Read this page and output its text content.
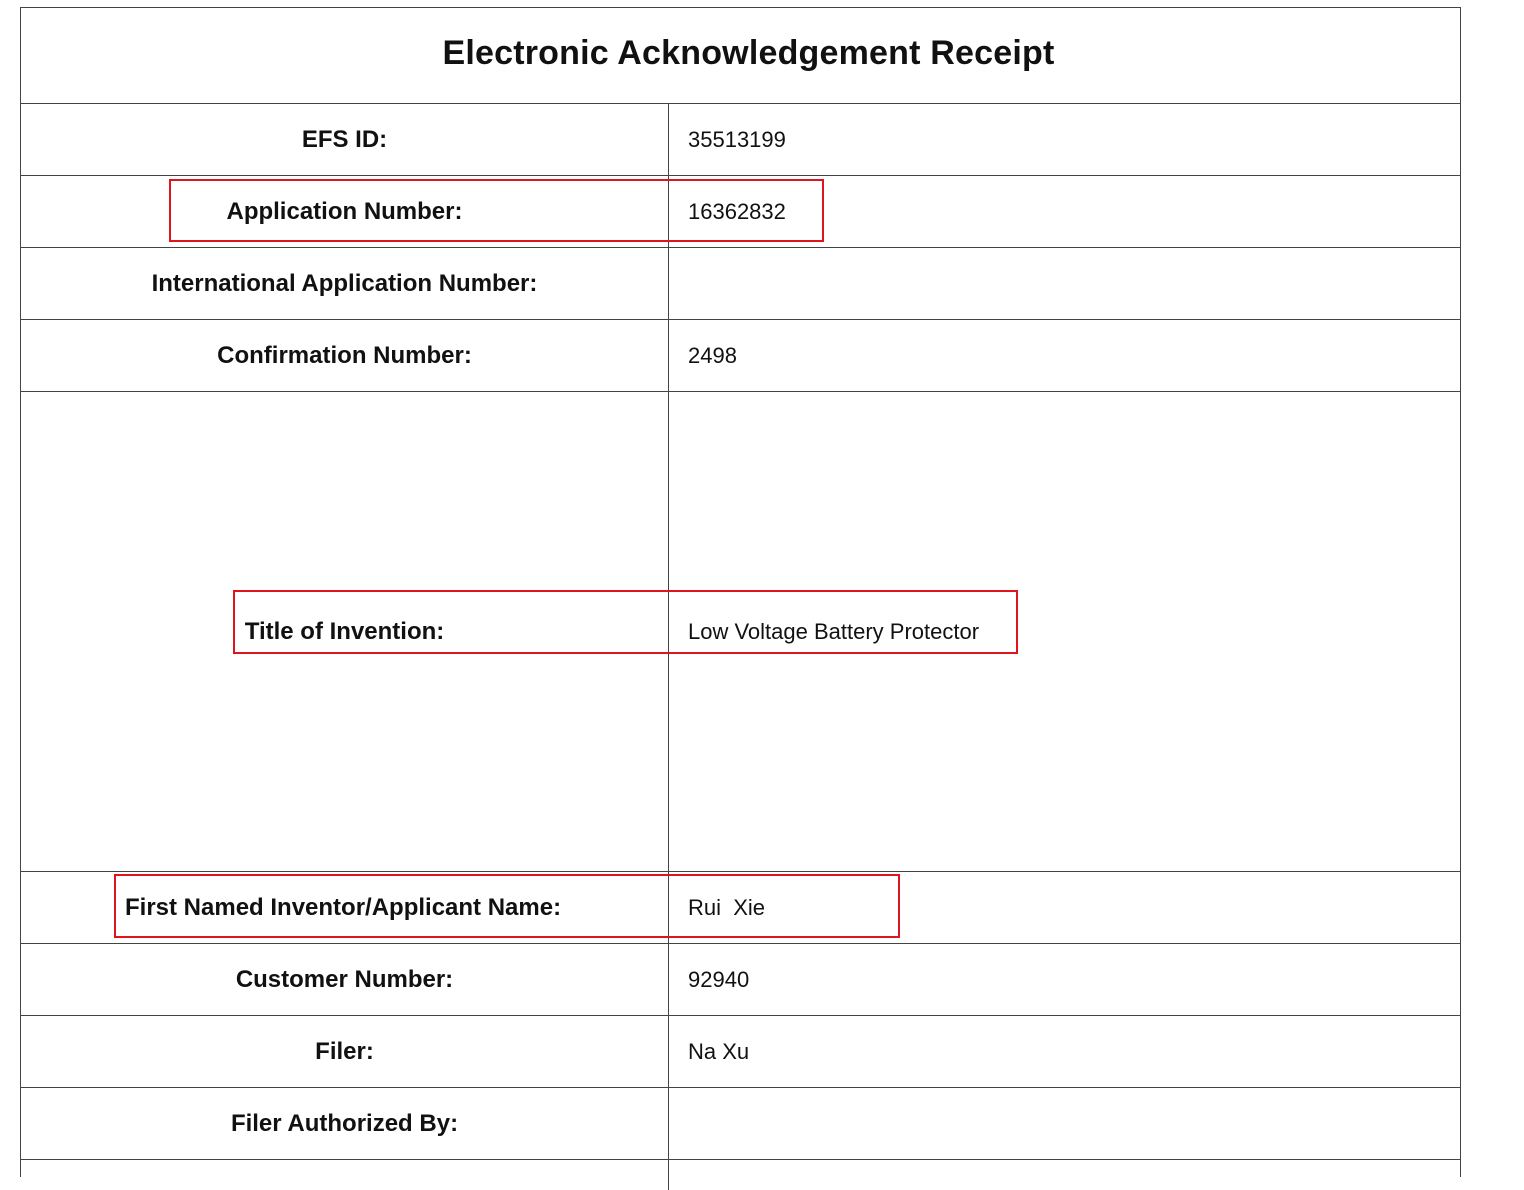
Electronic Acknowledgement Receipt
EFS ID:	35513199
Application Number:	16362832
International Application Number:
Confirmation Number:	2498
Title of Invention:	Low Voltage Battery Protector
First Named Inventor/Applicant Name:	Rui  Xie
Customer Number:	92940
Filer:	Na Xu
Filer Authorized By:
